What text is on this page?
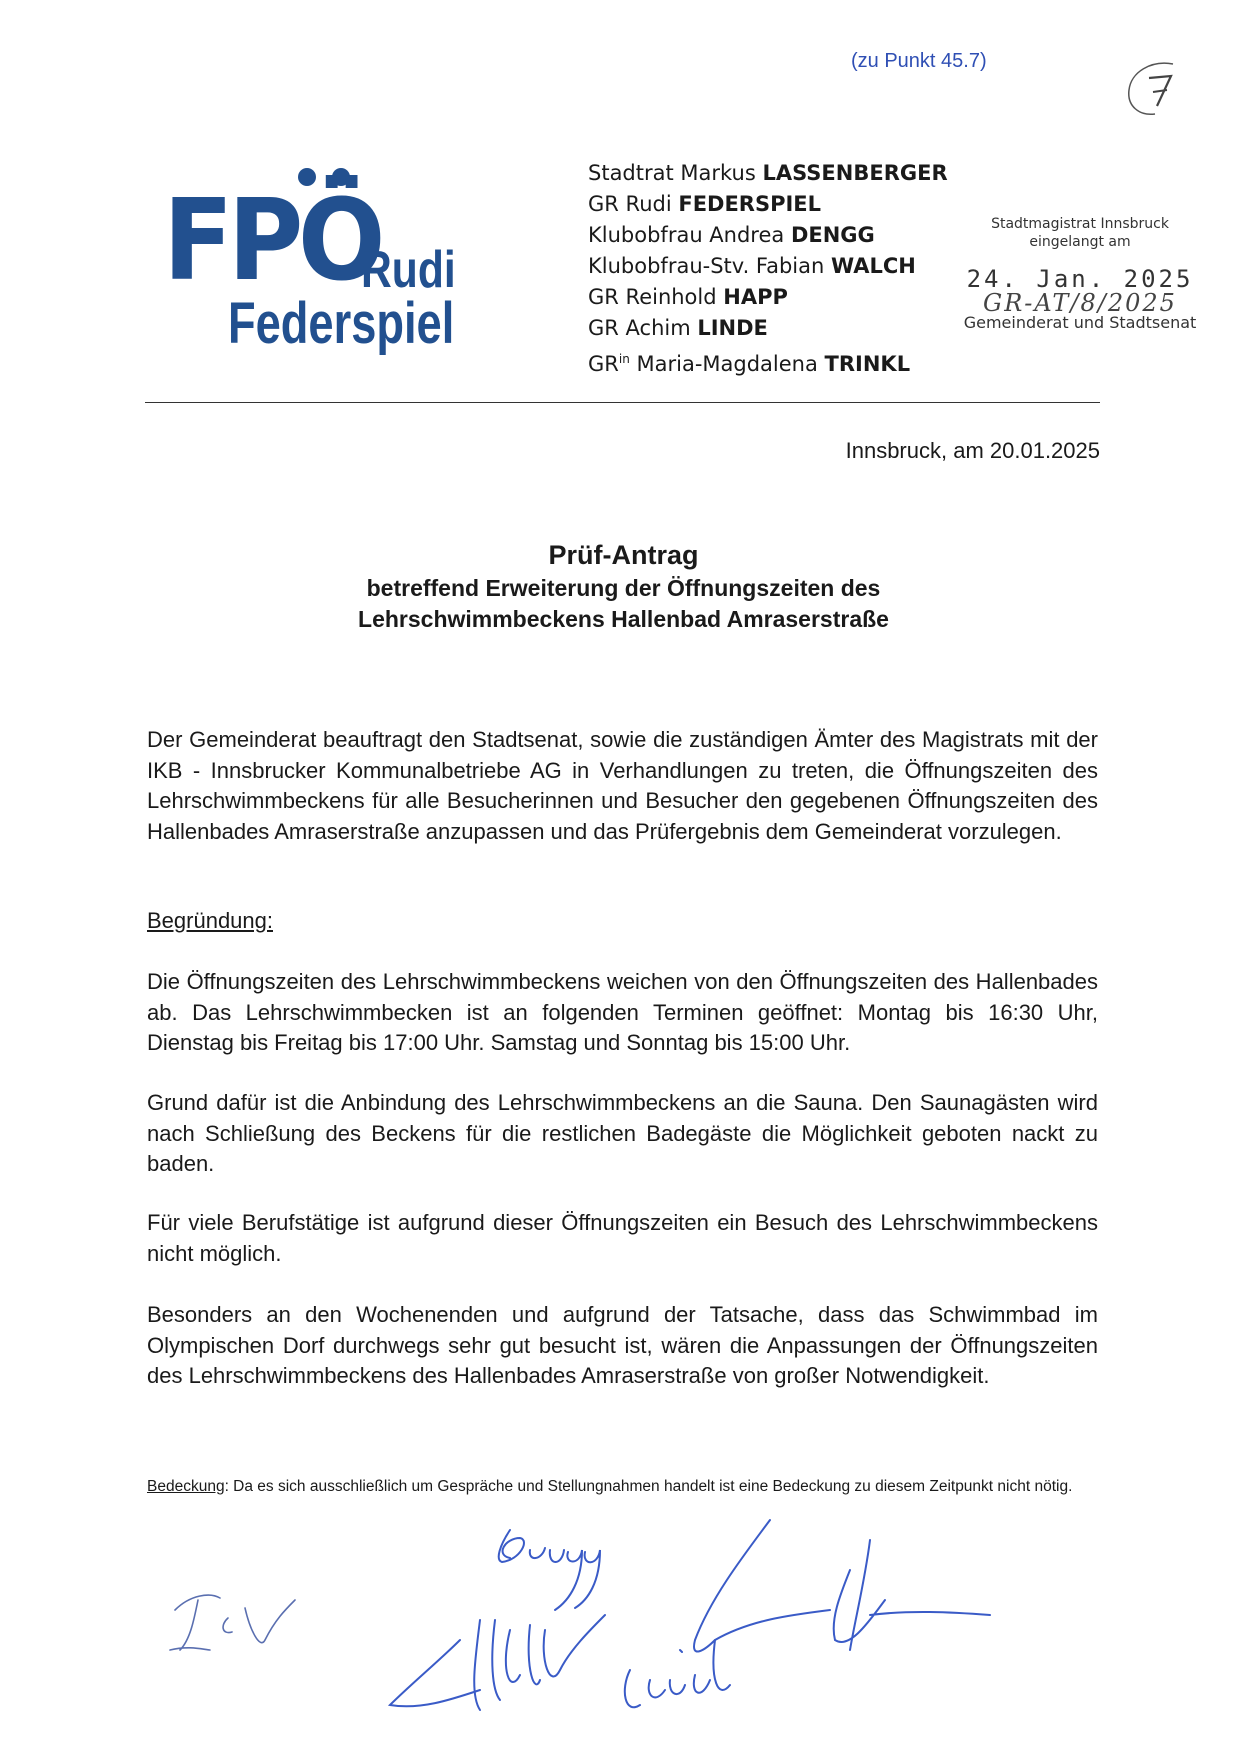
(zu Punkt 45.7)
FPÖ
Rudi
Federspiel
Stadtrat Markus LASSENBERGER
GR Rudi FEDERSPIEL
Klubobfrau Andrea DENGG
Klubobfrau-Stv. Fabian WALCH
GR Reinhold HAPP
GR Achim LINDE
$GR^{in}$ Maria-Magdalena TRINKL
Stadtmagistrat Innsbruck
eingelangt am
24. Jan. 2025
GR-AT/8/2025
Gemeinderat und Stadtsenat
Innsbruck, am 20.01.2025
Prüf-Antrag
betreffend Erweiterung der Öffnungszeiten des
Lehrschwimmbeckens Hallenbad Amraserstraße
Der Gemeinderat beauftragt den Stadtsenat, sowie die zuständigen Ämter des Magistrats mit der IKB - Innsbrucker Kommunalbetriebe AG in Verhandlungen zu treten, die Öffnungszeiten des Lehrschwimmbeckens für alle Besucherinnen und Besucher den gegebenen Öffnungszeiten des Hallenbades Amraserstraße anzupassen und das Prüfergebnis dem Gemeinderat vorzulegen.
Begründung:
Die Öffnungszeiten des Lehrschwimmbeckens weichen von den Öffnungszeiten des Hallenbades ab. Das Lehrschwimmbecken ist an folgenden Terminen geöffnet: Montag bis 16:30 Uhr, Dienstag bis Freitag bis 17:00 Uhr. Samstag und Sonntag bis 15:00 Uhr.
Grund dafür ist die Anbindung des Lehrschwimmbeckens an die Sauna. Den Saunagästen wird nach Schließung des Beckens für die restlichen Badegäste die Möglichkeit geboten nackt zu baden.
Für viele Berufstätige ist aufgrund dieser Öffnungszeiten ein Besuch des Lehrschwimmbeckens nicht möglich.
Besonders an den Wochenenden und aufgrund der Tatsache, dass das Schwimmbad im Olympischen Dorf durchwegs sehr gut besucht ist, wären die Anpassungen der Öffnungszeiten des Lehrschwimmbeckens des Hallenbades Amraserstraße von großer Notwendigkeit.
Bedeckung: Da es sich ausschließlich um Gespräche und Stellungnahmen handelt ist eine Bedeckung zu diesem Zeitpunkt nicht nötig.
